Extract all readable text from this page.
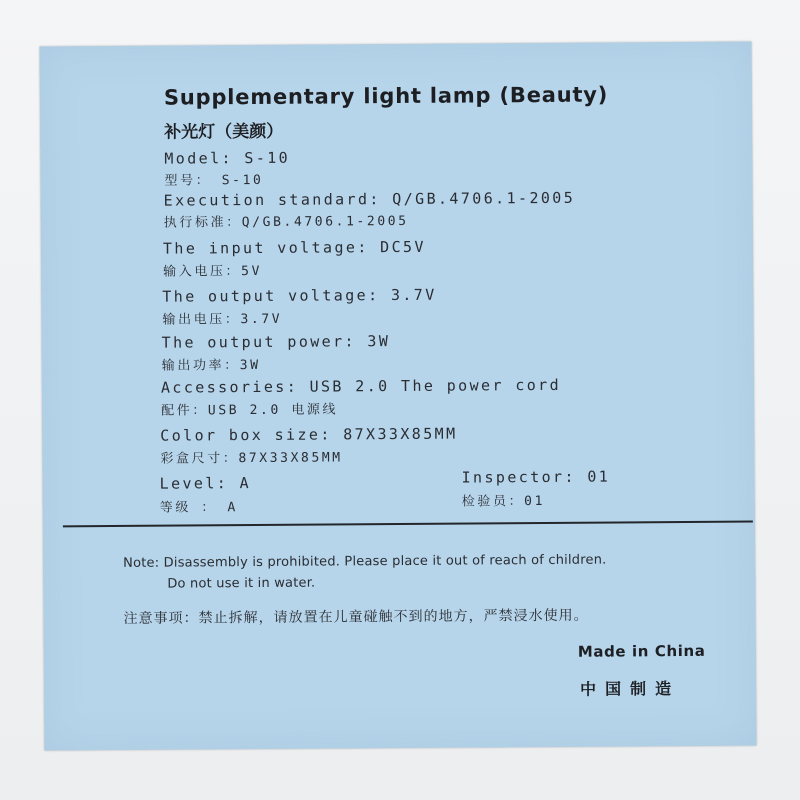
Supplementary light lamp (Beauty)
补光灯（美颜）
Model: S-10
型号： S-10
Execution standard: Q/GB.4706.1-2005
执行标准：Q/GB.4706.1-2005
The input voltage: DC5V
输入电压：5V
The output voltage: 3.7V
输出电压：3.7V
The output power: 3W
输出功率：3W
Accessories: USB 2.0 The power cord
配件：USB 2.0 电源线
Color box size: 87X33X85MM
彩盒尺寸：87X33X85MM
Level: A
等级 ： A
Inspector: 01
检验员：01
Note: Disassembly is prohibited. Please place it out of reach of children.
Do not use it in water.
注意事项：禁止拆解，请放置在儿童碰触不到的地方，严禁浸水使用。
Made in China
中国制造
